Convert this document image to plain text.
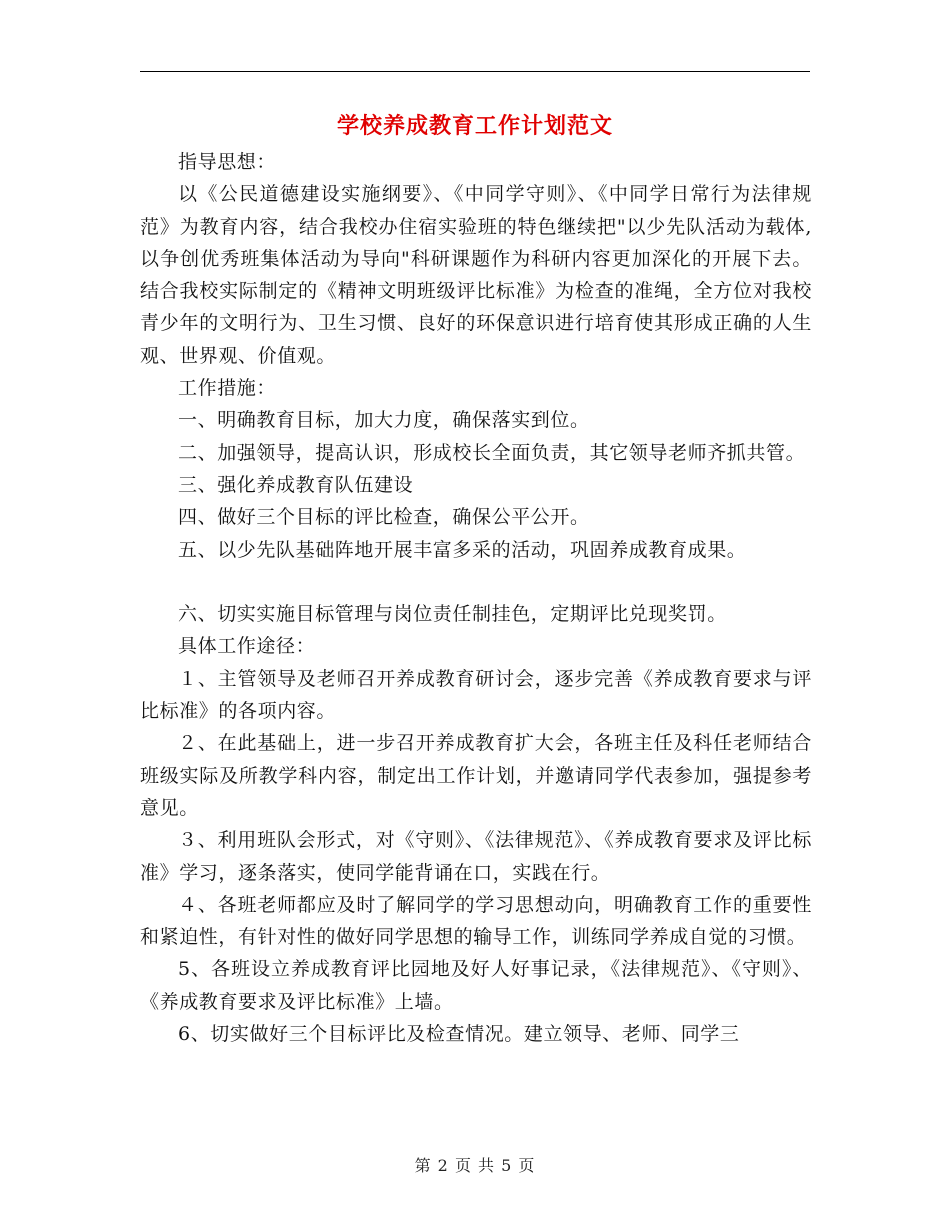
学校养成教育工作计划范文

指导思想：

以《公民道德建设实施纲要》、《中同学守则》、《中同学日常行为法律规范》为教育内容，结合我校办住宿实验班的特色继续把"以少先队活动为载体,以争创优秀班集体活动为导向"科研课题作为科研内容更加深化的开展下去。结合我校实际制定的《精神文明班级评比标准》为检查的准绳，全方位对我校青少年的文明行为、卫生习惯、良好的环保意识进行培育使其形成正确的人生观、世界观、价值观。

工作措施：

一、明确教育目标，加大力度，确保落实到位。

二、加强领导，提高认识，形成校长全面负责，其它领导老师齐抓共管。

三、强化养成教育队伍建设

四、做好三个目标的评比检查，确保公平公开。

五、以少先队基础阵地开展丰富多采的活动，巩固养成教育成果。

六、切实实施目标管理与岗位责任制挂色，定期评比兑现奖罚。

具体工作途径：

１、主管领导及老师召开养成教育研讨会，逐步完善《养成教育要求与评比标准》的各项内容。

２、在此基础上，进一步召开养成教育扩大会，各班主任及科任老师结合班级实际及所教学科内容，制定出工作计划，并邀请同学代表参加，强提参考意见。

３、利用班队会形式，对《守则》、《法律规范》、《养成教育要求及评比标准》学习，逐条落实，使同学能背诵在口，实践在行。

４、各班老师都应及时了解同学的学习思想动向，明确教育工作的重要性和紧迫性，有针对性的做好同学思想的输导工作，训练同学养成自觉的习惯。

5、各班设立养成教育评比园地及好人好事记录，《法律规范》、《守则》、《养成教育要求及评比标准》上墙。

6、切实做好三个目标评比及检查情况。建立领导、老师、同学三

第 2 页 共 5 页
